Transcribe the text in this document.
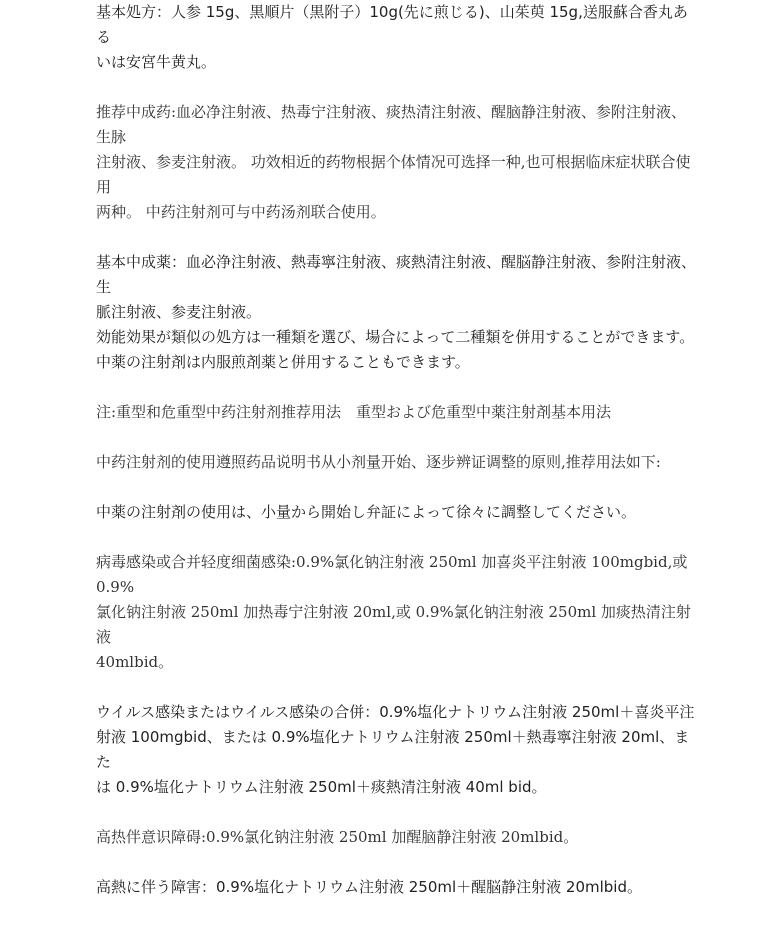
基本処方：人参 15g、黒順片（黒附子）10g(先に煎じる)、山茱萸 15g,送服蘇合香丸ある
いは安宮牛黄丸。
推荐中成药:血必净注射液、热毒宁注射液、痰热清注射液、醒脑静注射液、参附注射液、生脉
注射液、参麦注射液。 功效相近的药物根据个体情况可选择一种,也可根据临床症状联合使用
两种。 中药注射剂可与中药汤剂联合使用。
基本中成薬：血必浄注射液、熱毒寧注射液、痰熱清注射液、醒脳静注射液、参附注射液、生
脈注射液、参麦注射液。
効能効果が類似の処方は一種類を選び、場合によって二種類を併用することができます。
中薬の注射剤は内服煎剤薬と併用することもできます。
注:重型和危重型中药注射剂推荐用法　重型および危重型中薬注射剤基本用法
中药注射剂的使用遵照药品说明书从小剂量开始、逐步辨证调整的原则,推荐用法如下:
中薬の注射剤の使用は、小量から開始し弁証によって徐々に調整してください。
病毒感染或合并轻度细菌感染:0.9%氯化钠注射液 250ml 加喜炎平注射液 100mgbid,或 0.9%
氯化钠注射液 250ml 加热毒宁注射液 20ml,或 0.9%氯化钠注射液 250ml 加痰热清注射液
40mlbid。
ウイルス感染またはウイルス感染の合併：0.9%塩化ナトリウム注射液 250ml＋喜炎平注
射液 100mgbid、または 0.9%塩化ナトリウム注射液 250ml＋熱毒寧注射液 20ml、また
は 0.9%塩化ナトリウム注射液 250ml＋痰熱清注射液 40ml bid。
高热伴意识障碍:0.9%氯化钠注射液 250ml 加醒脑静注射液 20mlbid。
高熱に伴う障害：0.9%塩化ナトリウム注射液 250ml＋醒脳静注射液 20mlbid。
